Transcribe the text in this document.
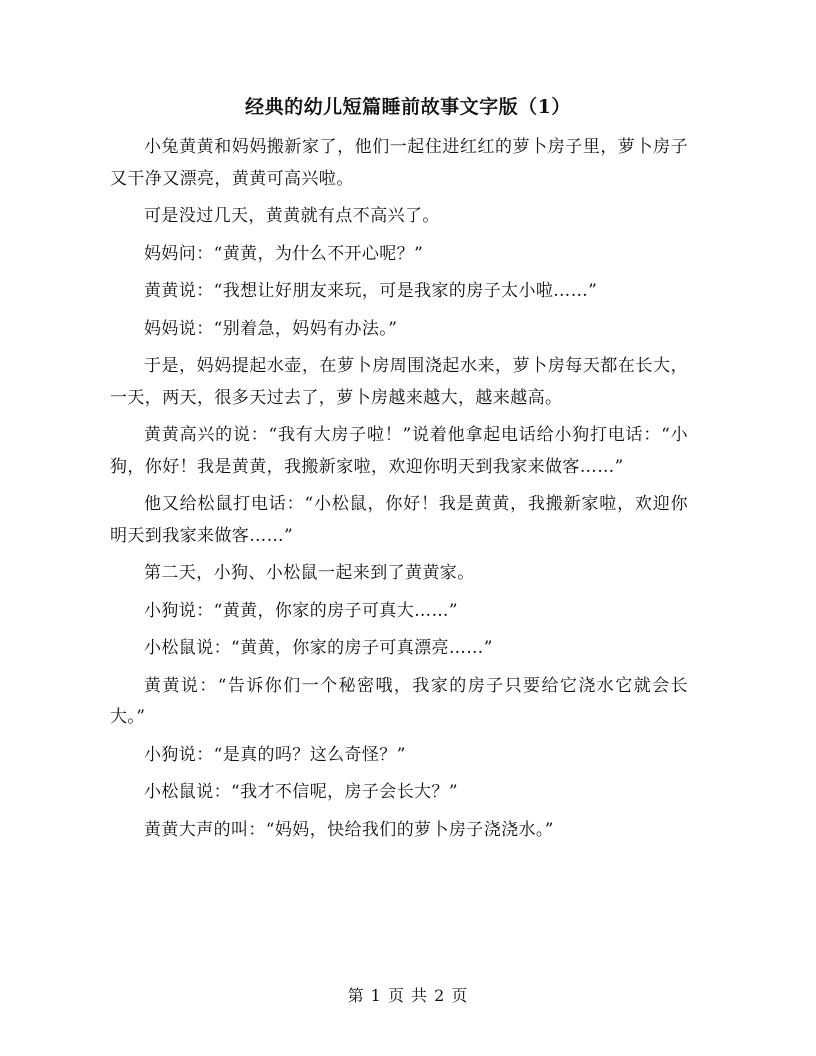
经典的幼儿短篇睡前故事文字版（1）

小兔黄黄和妈妈搬新家了，他们一起住进红红的萝卜房子里，萝卜房子又干净又漂亮，黄黄可高兴啦。

可是没过几天，黄黄就有点不高兴了。

妈妈问：“黄黄，为什么不开心呢？”

黄黄说：“我想让好朋友来玩，可是我家的房子太小啦……”

妈妈说：“别着急，妈妈有办法。”

于是，妈妈提起水壶，在萝卜房周围浇起水来，萝卜房每天都在长大，一天，两天，很多天过去了，萝卜房越来越大，越来越高。

黄黄高兴的说：“我有大房子啦！”说着他拿起电话给小狗打电话：“小狗，你好！我是黄黄，我搬新家啦，欢迎你明天到我家来做客……”

他又给松鼠打电话：“小松鼠，你好！我是黄黄，我搬新家啦，欢迎你明天到我家来做客……”

第二天，小狗、小松鼠一起来到了黄黄家。

小狗说：“黄黄，你家的房子可真大……”

小松鼠说：“黄黄，你家的房子可真漂亮……”

黄黄说：“告诉你们一个秘密哦，我家的房子只要给它浇水它就会长大。”

小狗说：“是真的吗？这么奇怪？”

小松鼠说：“我才不信呢，房子会长大？”

黄黄大声的叫：“妈妈，快给我们的萝卜房子浇浇水。”

第 1 页 共 2 页
